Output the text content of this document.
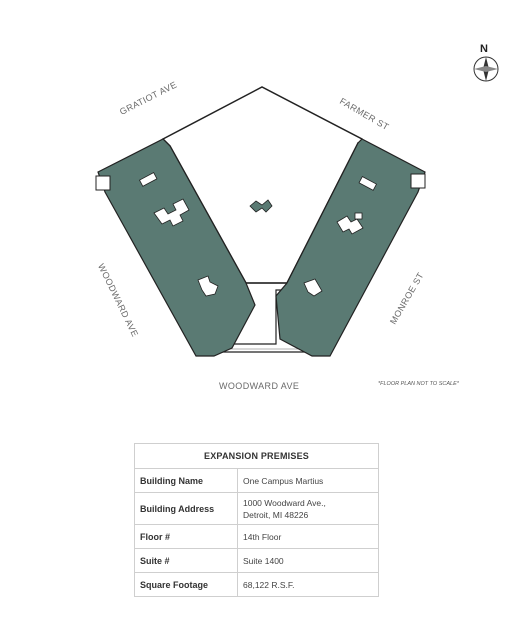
N
GRATIOT AVE	FARMER ST
WOODWARD AVE
WOODWARD AVE
MONROE ST
*FLOOR PLAN NOT TO SCALE*
EXPANSION PREMISES	
Building Name	One Campus Martius
Building Address	1000 Woodward Ave.,
Detroit, MI 48226

Floor #	14th Floor
Suite #	Suite 1400
Square Footage	68,122 R.S.F.
